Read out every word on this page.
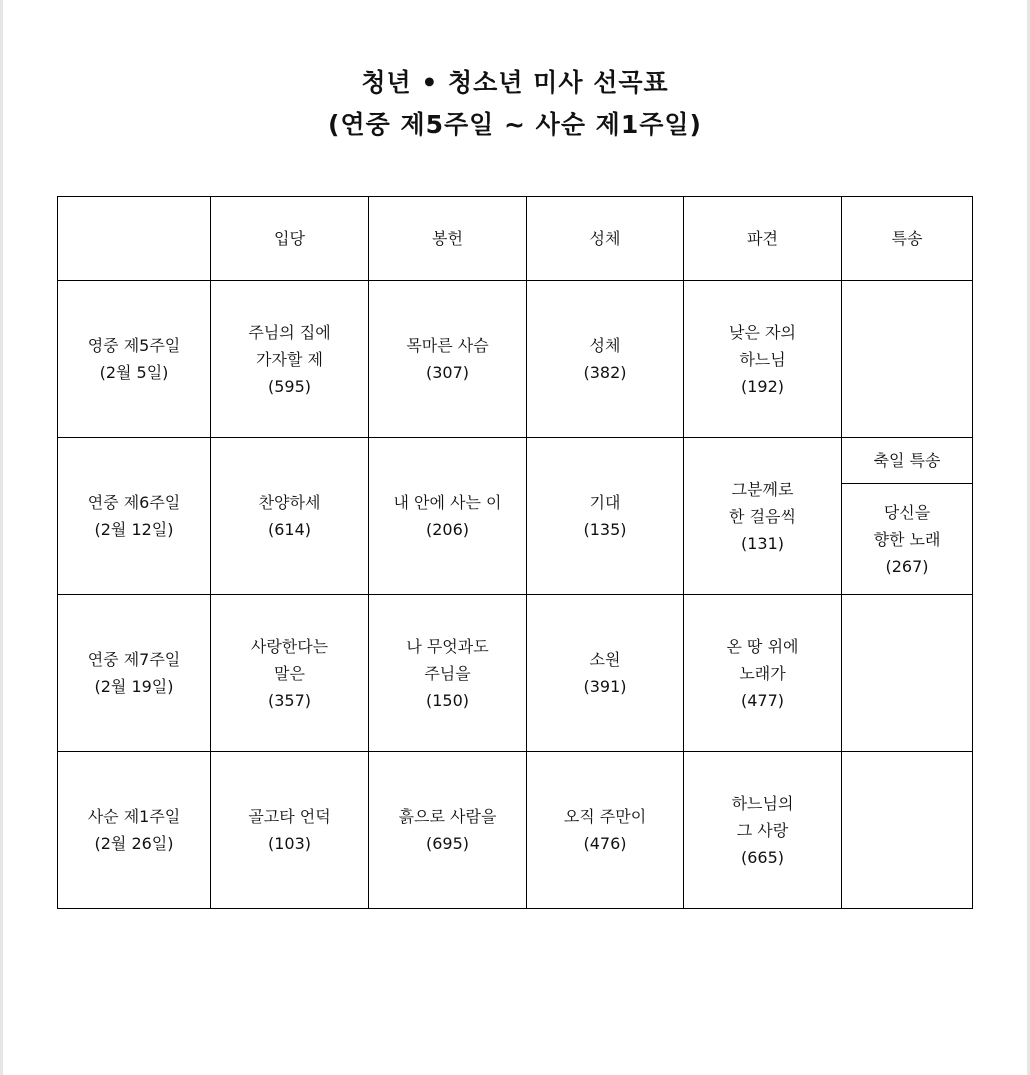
청년 • 청소년 미사 선곡표
(연중 제5주일 ~ 사순 제1주일)
	입당	봉헌	성체	파견	특송

영중 제5주일
(2월 5일)	주님의 집에
가자할 제
(595)	목마른 사슴
(307)	성체
(382)	낮은 자의
하느님
(192)	

연중 제6주일
(2월 12일)	찬양하세
(614)	내 안에 사는 이
(206)	기대
(135)	그분께로
한 걸음씩
(131)	축일 특송

					당신을
향한 노래
(267)

연중 제7주일
(2월 19일)	사랑한다는
말은
(357)	나 무엇과도
주님을
(150)	소원
(391)	온 땅 위에
노래가
(477)	

사순 제1주일
(2월 26일)	골고타 언덕
(103)	흙으로 사람을
(695)	오직 주만이
(476)	하느님의
그 사랑
(665)	
